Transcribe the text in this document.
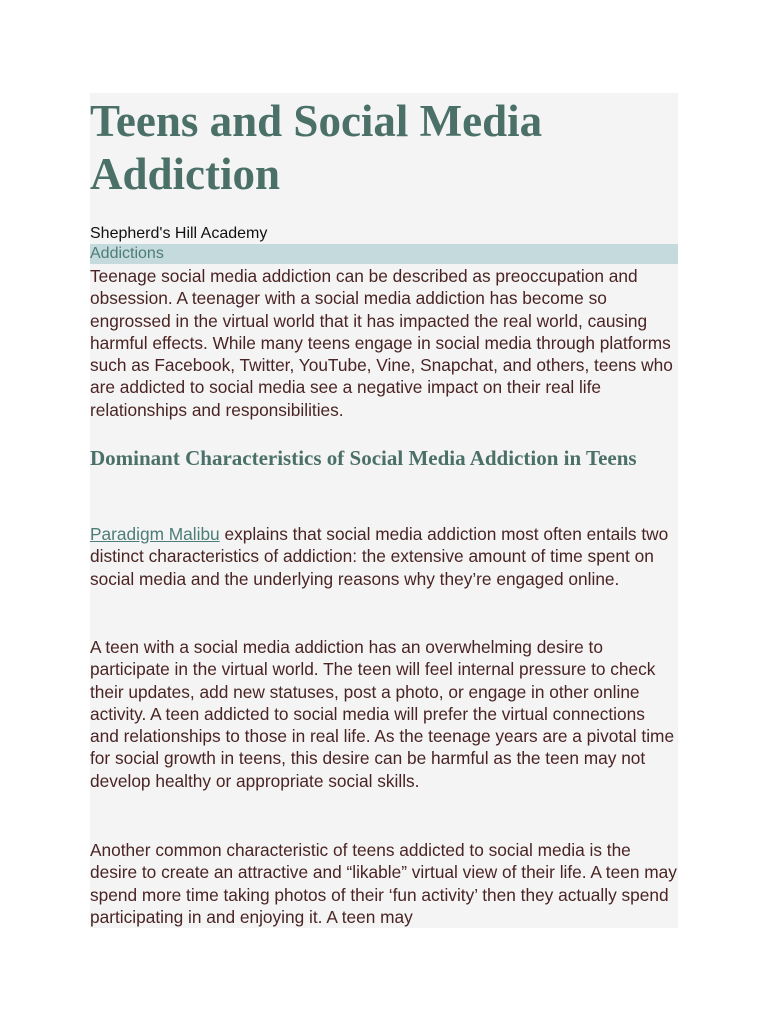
Teens and Social Media Addiction
Shepherd's Hill Academy
Addictions

Teenage social media addiction can be described as preoccupation and obsession. A teenager with a social media addiction has become so engrossed in the virtual world that it has impacted the real world, causing harmful effects. While many teens engage in social media through platforms such as Facebook, Twitter, YouTube, Vine, Snapchat, and others, teens who are addicted to social media see a negative impact on their real life relationships and responsibilities.

Dominant Characteristics of Social Media Addiction in Teens

Paradigm Malibu explains that social media addiction most often entails two distinct characteristics of addiction: the extensive amount of time spent on social media and the underlying reasons why they’re engaged online.

A teen with a social media addiction has an overwhelming desire to participate in the virtual world. The teen will feel internal pressure to check their updates, add new statuses, post a photo, or engage in other online activity. A teen addicted to social media will prefer the virtual connections and relationships to those in real life. As the teenage years are a pivotal time for social growth in teens, this desire can be harmful as the teen may not develop healthy or appropriate social skills.

Another common characteristic of teens addicted to social media is the desire to create an attractive and “likable” virtual view of their life. A teen may spend more time taking photos of their ‘fun activity’ then they actually spend participating in and enjoying it. A teen may
